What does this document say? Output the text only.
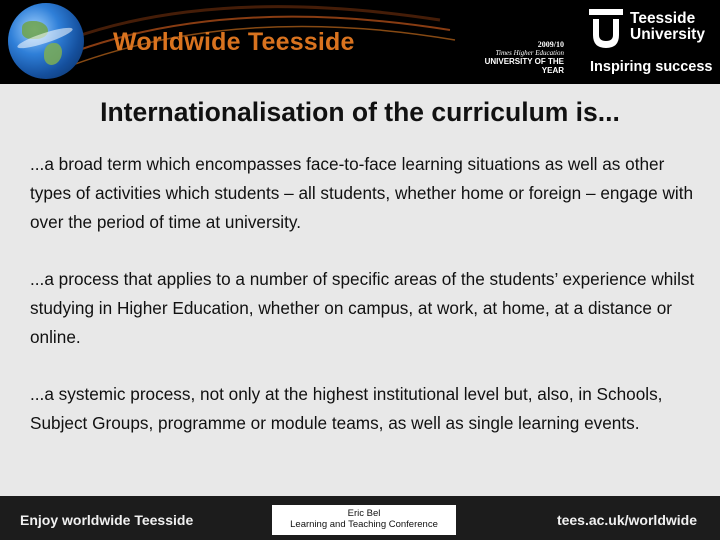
Worldwide Teesside	2009/10
Times Higher Education
UNIVERSITY OF THE YEAR
Teesside
University
Inspiring success
Internationalisation of the curriculum is...

...a broad term which encompasses face-to-face learning situations as well as other types of activities which students – all students, whether home or foreign – engage with over the period of time at university.

...a process that applies to a number of specific areas of the students’ experience whilst studying in Higher Education, whether on campus, at work, at home, at a distance or online.

...a systemic process, not only at the highest institutional level but, also, in Schools, Subject Groups, programme or module teams, as well as single learning events.

Enjoy worldwide Teesside	tees.ac.uk/worldwide
Eric Bel
Learning and Teaching Conference
